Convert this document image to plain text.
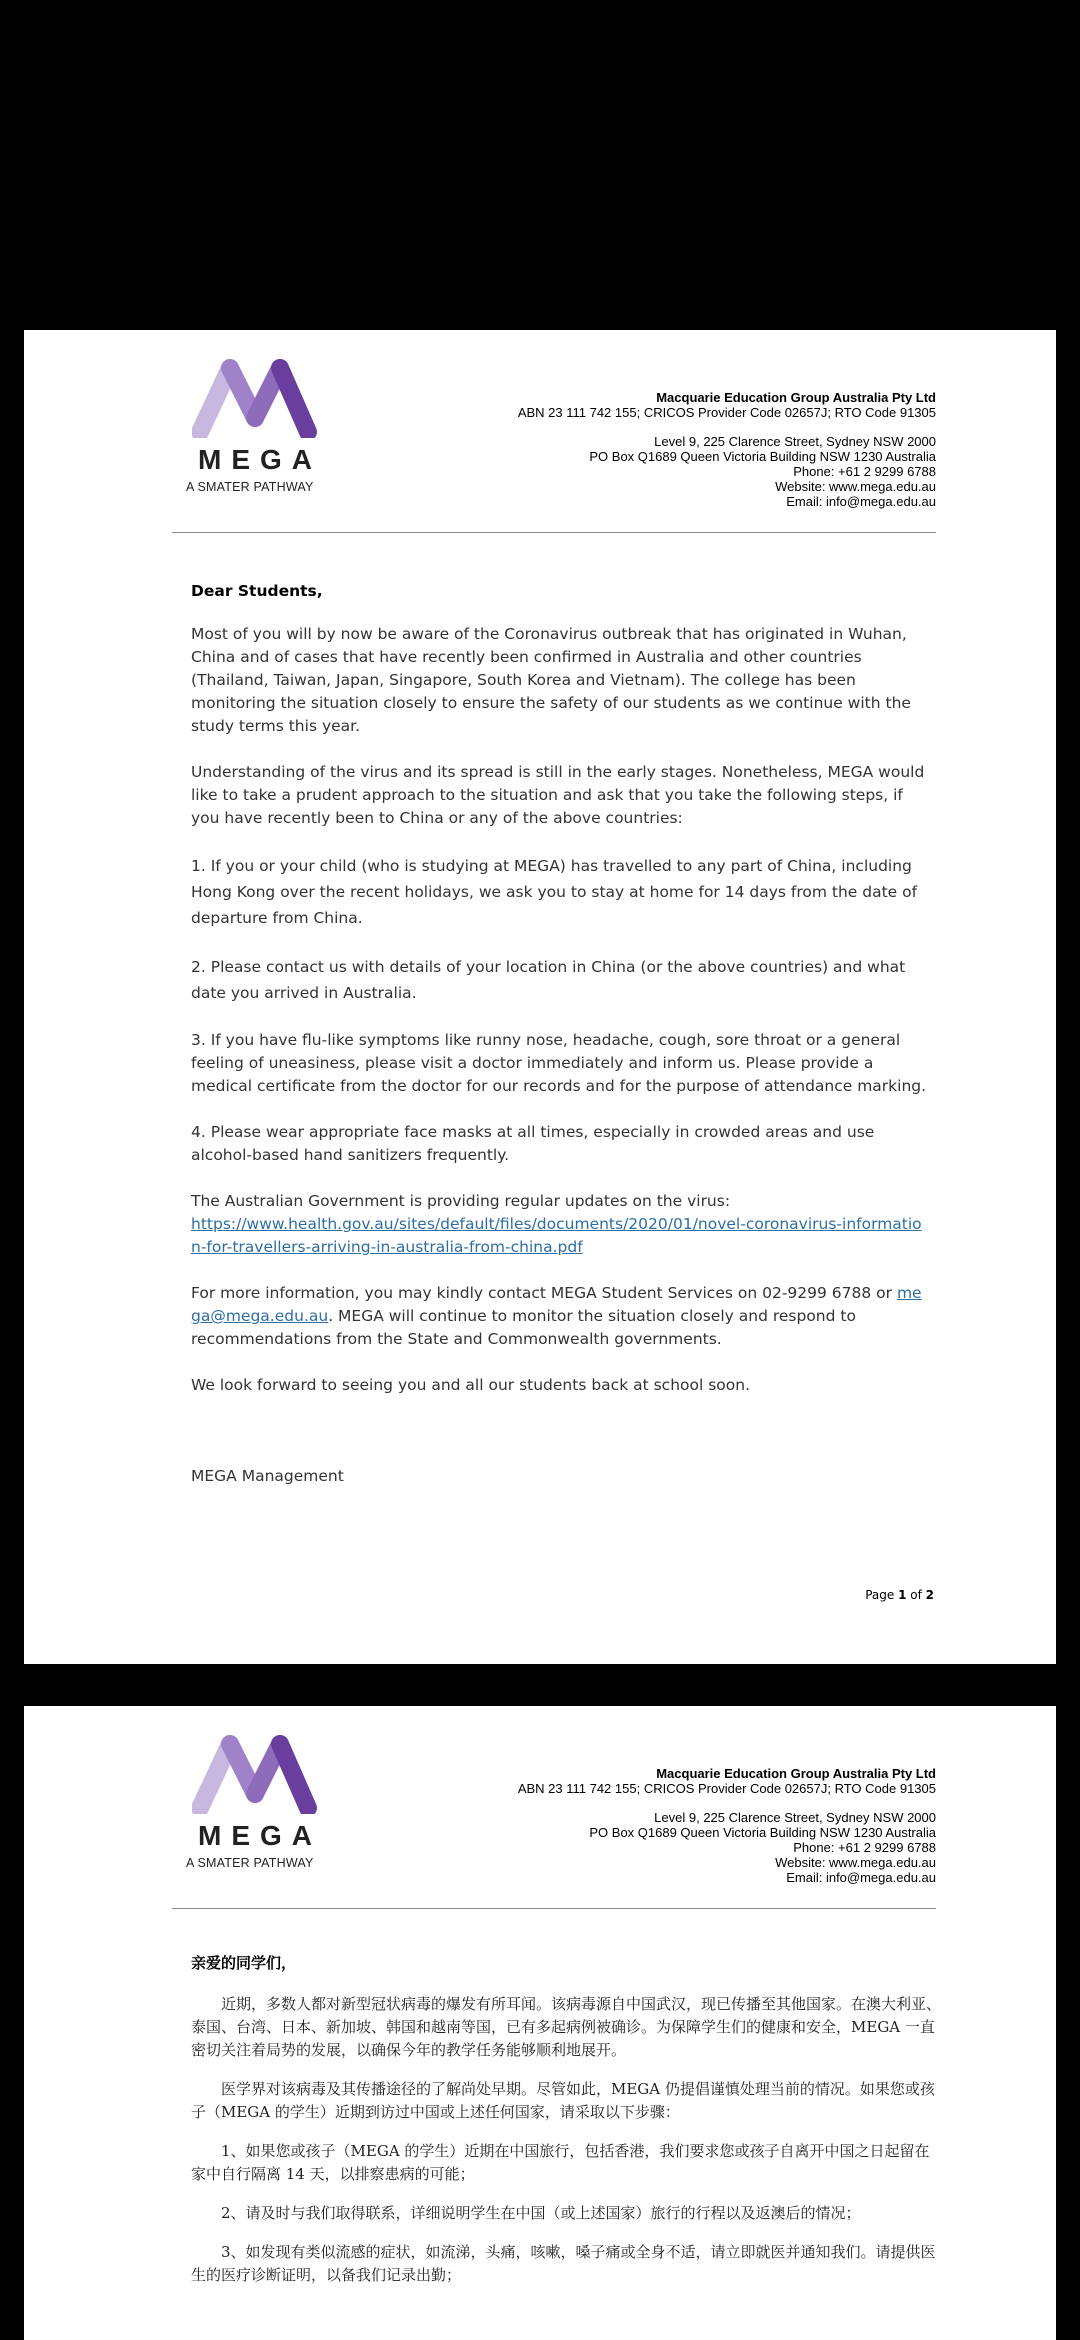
MEGA
A SMATER PATHWAY
Macquarie Education Group Australia Pty Ltd
ABN 23 111 742 155; CRICOS Provider Code 02657J; RTO Code 91305
Level 9, 225 Clarence Street, Sydney NSW 2000
PO Box Q1689 Queen Victoria Building NSW 1230 Australia
Phone: +61 2 9299 6788
Website: www.mega.edu.au
Email: info@mega.edu.au

Dear Students,

Most of you will by now be aware of the Coronavirus outbreak that has originated in Wuhan, China and of cases that have recently been confirmed in Australia and other countries (Thailand, Taiwan, Japan, Singapore, South Korea and Vietnam). The college has been monitoring the situation closely to ensure the safety of our students as we continue with the study terms this year.

Understanding of the virus and its spread is still in the early stages. Nonetheless, MEGA would like to take a prudent approach to the situation and ask that you take the following steps, if you have recently been to China or any of the above countries:

1. If you or your child (who is studying at MEGA) has travelled to any part of China, including Hong Kong over the recent holidays, we ask you to stay at home for 14 days from the date of departure from China.

2. Please contact us with details of your location in China (or the above countries) and what date you arrived in Australia.

3. If you have flu-like symptoms like runny nose, headache, cough, sore throat or a general feeling of uneasiness, please visit a doctor immediately and inform us. Please provide a medical certificate from the doctor for our records and for the purpose of attendance marking.

4. Please wear appropriate face masks at all times, especially in crowded areas and use alcohol-based hand sanitizers frequently.

The Australian Government is providing regular updates on the virus:
https://www.health.gov.au/sites/default/files/documents/2020/01/novel-coronavirus-information-for-travellers-arriving-in-australia-from-china.pdf

For more information, you may kindly contact MEGA Student Services on 02-9299 6788 or mega@mega.edu.au. MEGA will continue to monitor the situation closely and respond to recommendations from the State and Commonwealth governments.

We look forward to seeing you and all our students back at school soon.

MEGA Management

Page 1 of 2
MEGA
A SMATER PATHWAY
Macquarie Education Group Australia Pty Ltd
ABN 23 111 742 155; CRICOS Provider Code 02657J; RTO Code 91305
Level 9, 225 Clarence Street, Sydney NSW 2000
PO Box Q1689 Queen Victoria Building NSW 1230 Australia
Phone: +61 2 9299 6788
Website: www.mega.edu.au
Email: info@mega.edu.au

亲爱的同学们，

近期，多数人都对新型冠状病毒的爆发有所耳闻。该病毒源自中国武汉，现已传播至其他国家。在澳大利亚、泰国、台湾、日本、新加坡、韩国和越南等国，已有多起病例被确诊。为保障学生们的健康和安全，MEGA 一直密切关注着局势的发展，以确保今年的教学任务能够顺利地展开。

医学界对该病毒及其传播途径的了解尚处早期。尽管如此，MEGA 仍提倡谨慎处理当前的情况。如果您或孩子（MEGA 的学生）近期到访过中国或上述任何国家，请采取以下步骤：

1、如果您或孩子（MEGA 的学生）近期在中国旅行，包括香港，我们要求您或孩子自离开中国之日起留在家中自行隔离 14 天，以排察患病的可能；

2、请及时与我们取得联系，详细说明学生在中国（或上述国家）旅行的行程以及返澳后的情况；

3、如发现有类似流感的症状，如流涕，头痛，咳嗽，嗓子痛或全身不适，请立即就医并通知我们。请提供医生的医疗诊断证明，以备我们记录出勤；
